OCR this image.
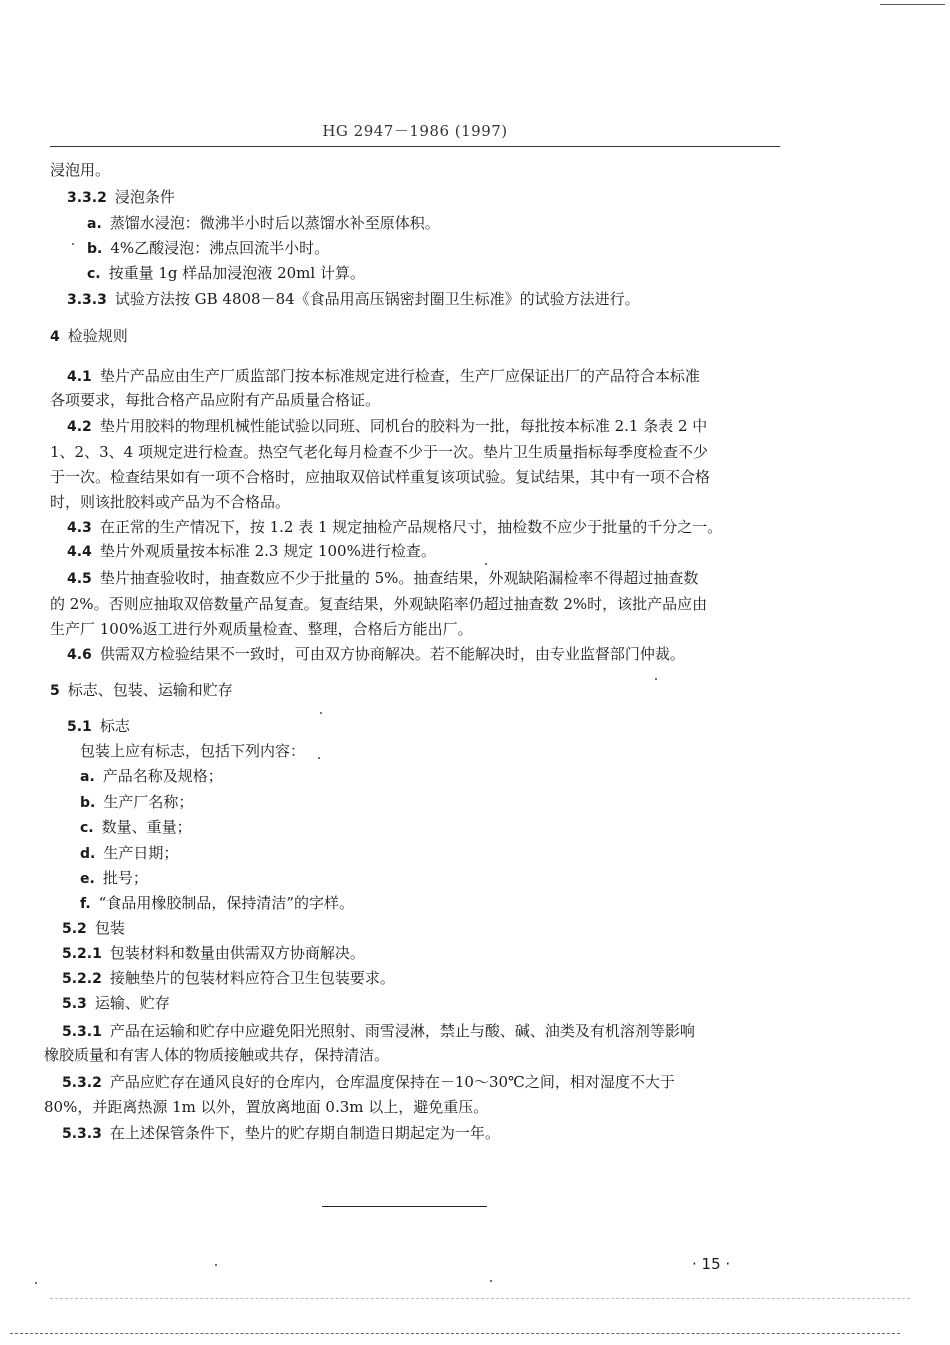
HG 2947－1986 (1997)
浸泡用。
3.3.2 浸泡条件
a. 蒸馏水浸泡：微沸半小时后以蒸馏水补至原体积。
b. 4%乙酸浸泡：沸点回流半小时。
c. 按重量 1g 样品加浸泡液 20ml 计算。
3.3.3 试验方法按 GB 4808－84《食品用高压锅密封圈卫生标准》的试验方法进行。
4 检验规则
4.1 垫片产品应由生产厂质监部门按本标准规定进行检查，生产厂应保证出厂的产品符合本标准
各项要求，每批合格产品应附有产品质量合格证。
4.2 垫片用胶料的物理机械性能试验以同班、同机台的胶料为一批，每批按本标准 2.1 条表 2 中
1、2、3、4 项规定进行检查。热空气老化每月检查不少于一次。垫片卫生质量指标每季度检查不少
于一次。检查结果如有一项不合格时，应抽取双倍试样重复该项试验。复试结果，其中有一项不合格
时，则该批胶料或产品为不合格品。
4.3 在正常的生产情况下，按 1.2 表 1 规定抽检产品规格尺寸，抽检数不应少于批量的千分之一。
4.4 垫片外观质量按本标准 2.3 规定 100%进行检查。
4.5 垫片抽查验收时，抽查数应不少于批量的 5%。抽查结果，外观缺陷漏检率不得超过抽查数
的 2%。否则应抽取双倍数量产品复查。复查结果，外观缺陷率仍超过抽查数 2%时，该批产品应由
生产厂 100%返工进行外观质量检查、整理，合格后方能出厂。
4.6 供需双方检验结果不一致时，可由双方协商解决。若不能解决时，由专业监督部门仲裁。
5 标志、包装、运输和贮存
5.1 标志
包装上应有标志，包括下列内容：
a. 产品名称及规格；
b. 生产厂名称；
c. 数量、重量；
d. 生产日期；
e. 批号；
f. “食品用橡胶制品，保持清洁”的字样。
5.2 包装
5.2.1 包装材料和数量由供需双方协商解决。
5.2.2 接触垫片的包装材料应符合卫生包装要求。
5.3 运输、贮存
5.3.1 产品在运输和贮存中应避免阳光照射、雨雪浸淋，禁止与酸、碱、油类及有机溶剂等影响
橡胶质量和有害人体的物质接触或共存，保持清洁。
5.3.2 产品应贮存在通风良好的仓库内，仓库温度保持在－10～30℃之间，相对湿度不大于
80%，并距离热源 1m 以外，置放离地面 0.3m 以上，避免重压。
5.3.3 在上述保管条件下，垫片的贮存期自制造日期起定为一年。
· 15 ·
